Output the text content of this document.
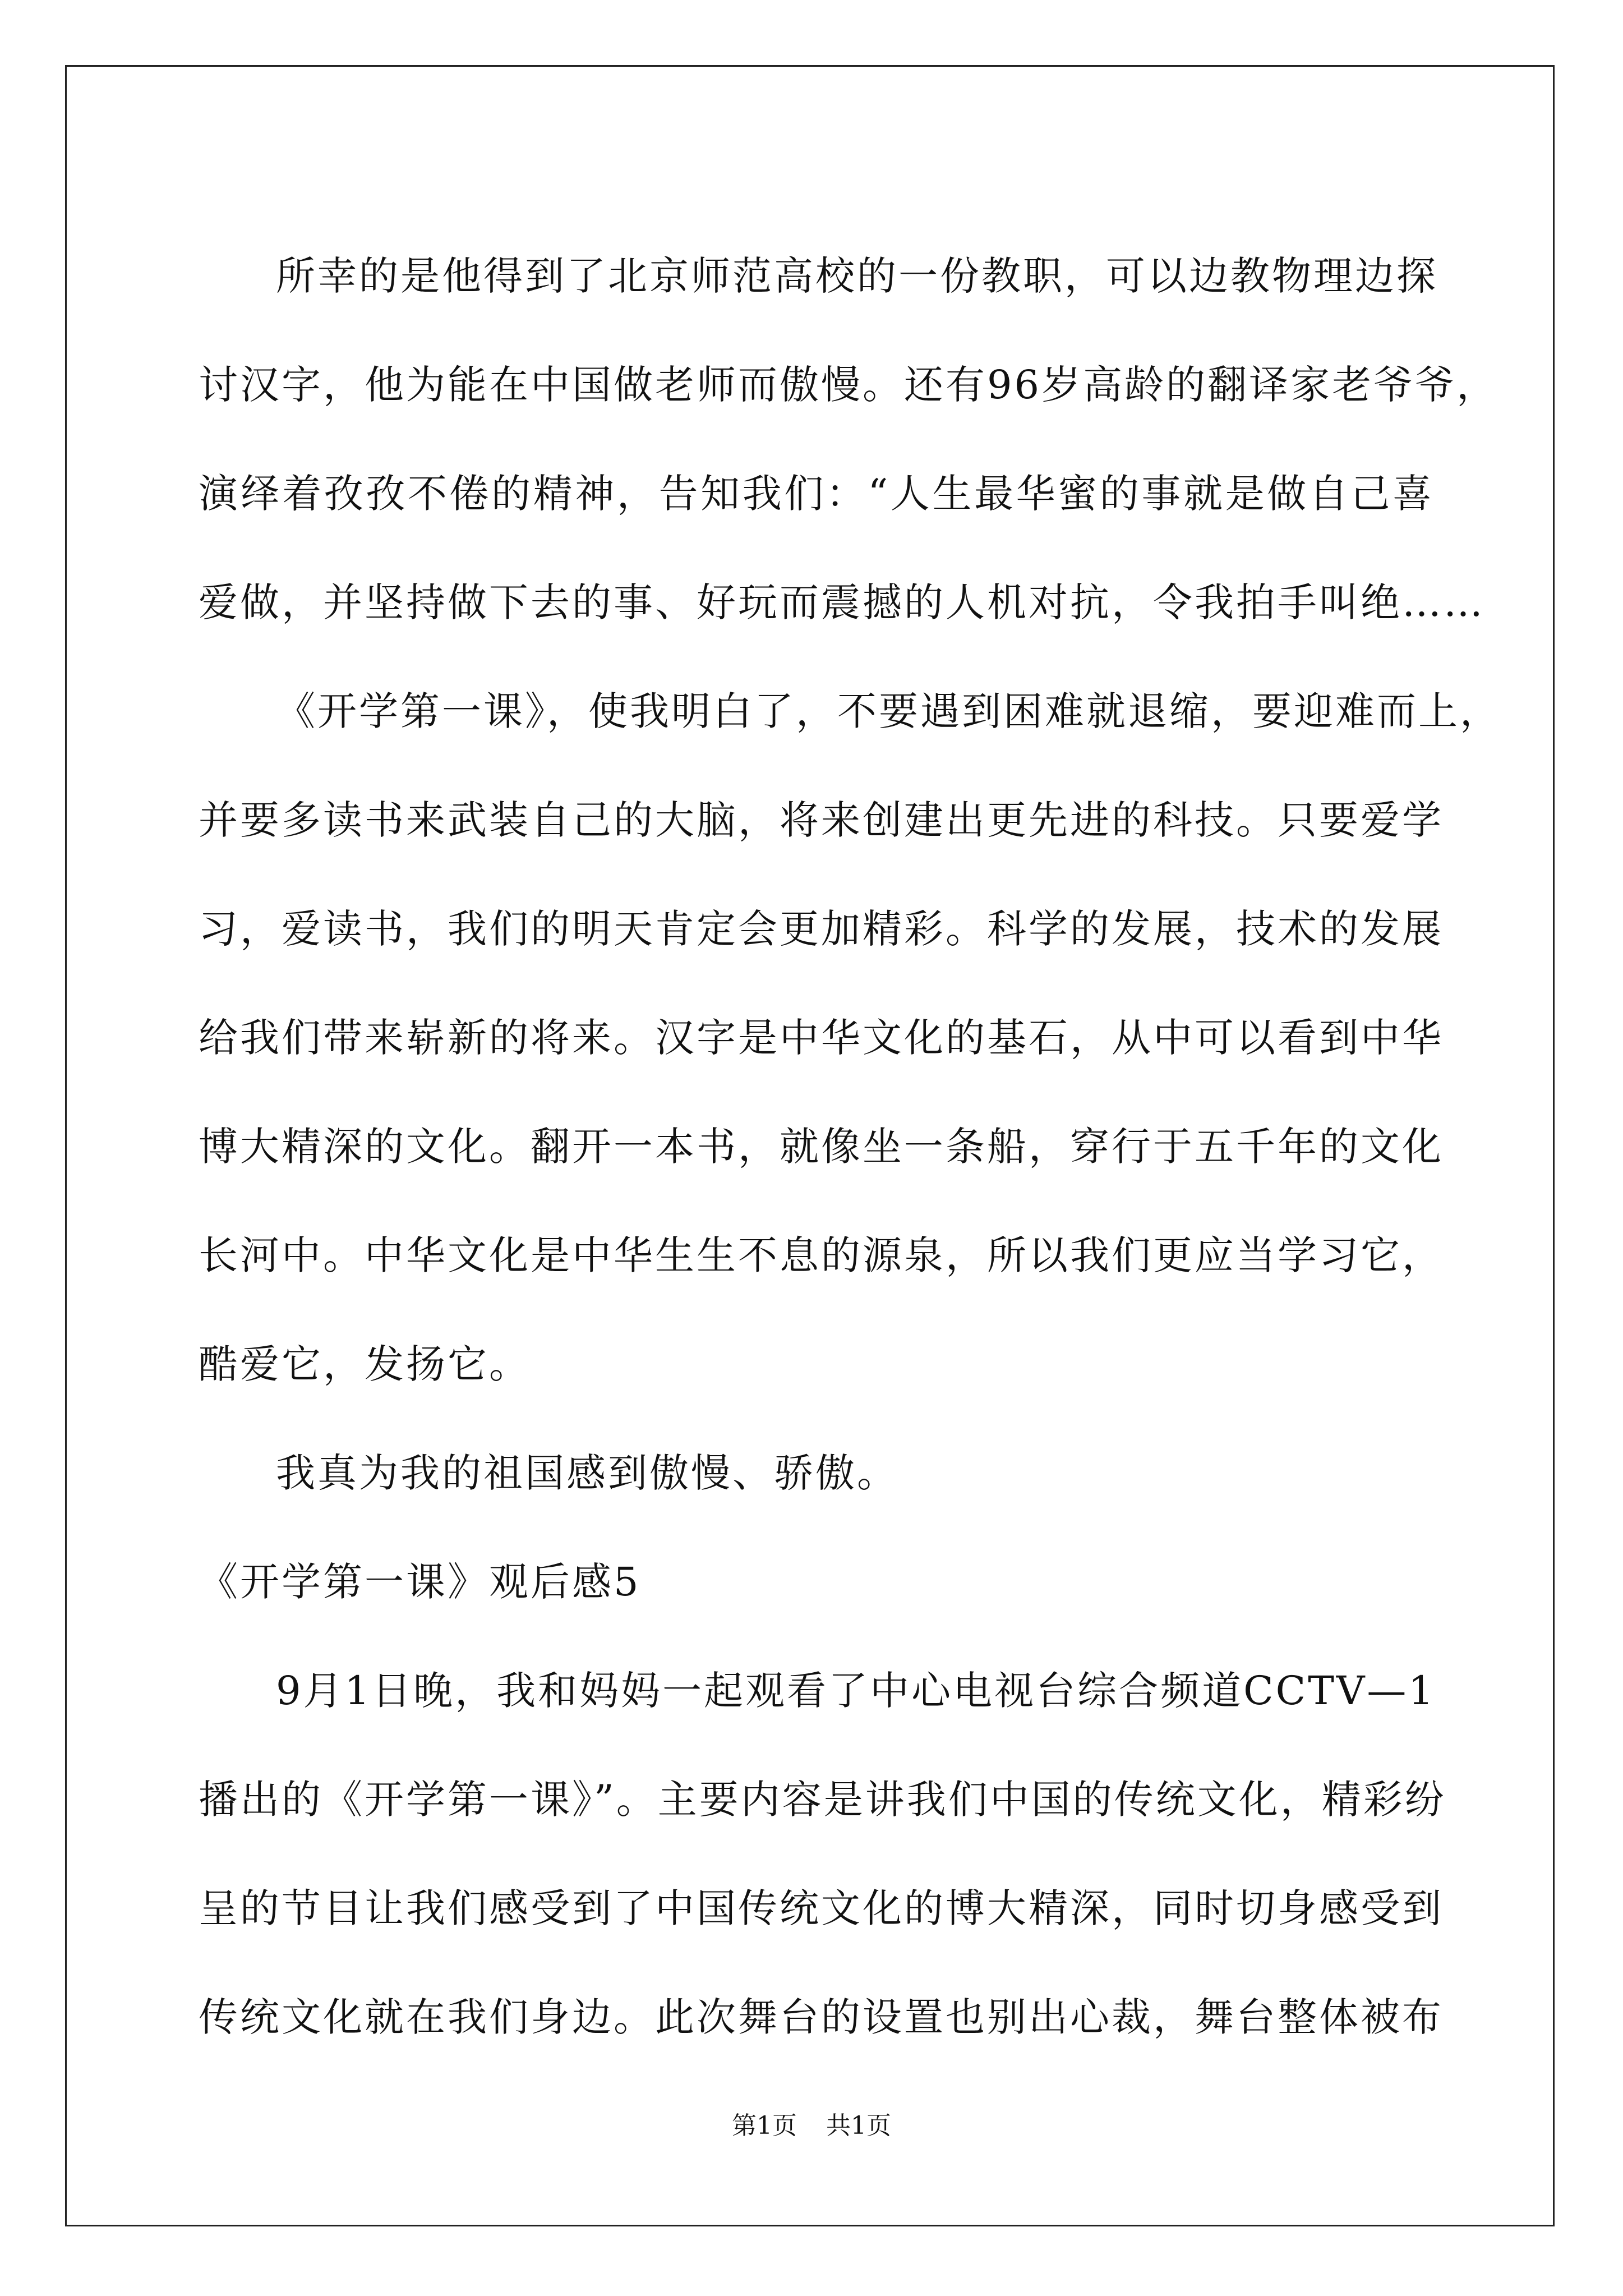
所幸的是他得到了北京师范高校的一份教职，可以边教物理边探
讨汉字，他为能在中国做老师而傲慢。还有96岁高龄的翻译家老爷爷，
演绎着孜孜不倦的精神，告知我们：“人生最华蜜的事就是做自己喜
爱做，并坚持做下去的事、好玩而震撼的人机对抗，令我拍手叫绝……
《开学第一课》，使我明白了，不要遇到困难就退缩，要迎难而上，
并要多读书来武装自己的大脑，将来创建出更先进的科技。只要爱学
习，爱读书，我们的明天肯定会更加精彩。科学的发展，技术的发展
给我们带来崭新的将来。汉字是中华文化的基石，从中可以看到中华
博大精深的文化。翻开一本书，就像坐一条船，穿行于五千年的文化
长河中。中华文化是中华生生不息的源泉，所以我们更应当学习它，
酷爱它，发扬它。
我真为我的祖国感到傲慢、骄傲。
《开学第一课》观后感5
9月1日晚，我和妈妈一起观看了中心电视台综合频道CCTV—1
播出的《开学第一课》”。主要内容是讲我们中国的传统文化，精彩纷
呈的节目让我们感受到了中国传统文化的博大精深，同时切身感受到
传统文化就在我们身边。此次舞台的设置也别出心裁，舞台整体被布
第1页 共1页
